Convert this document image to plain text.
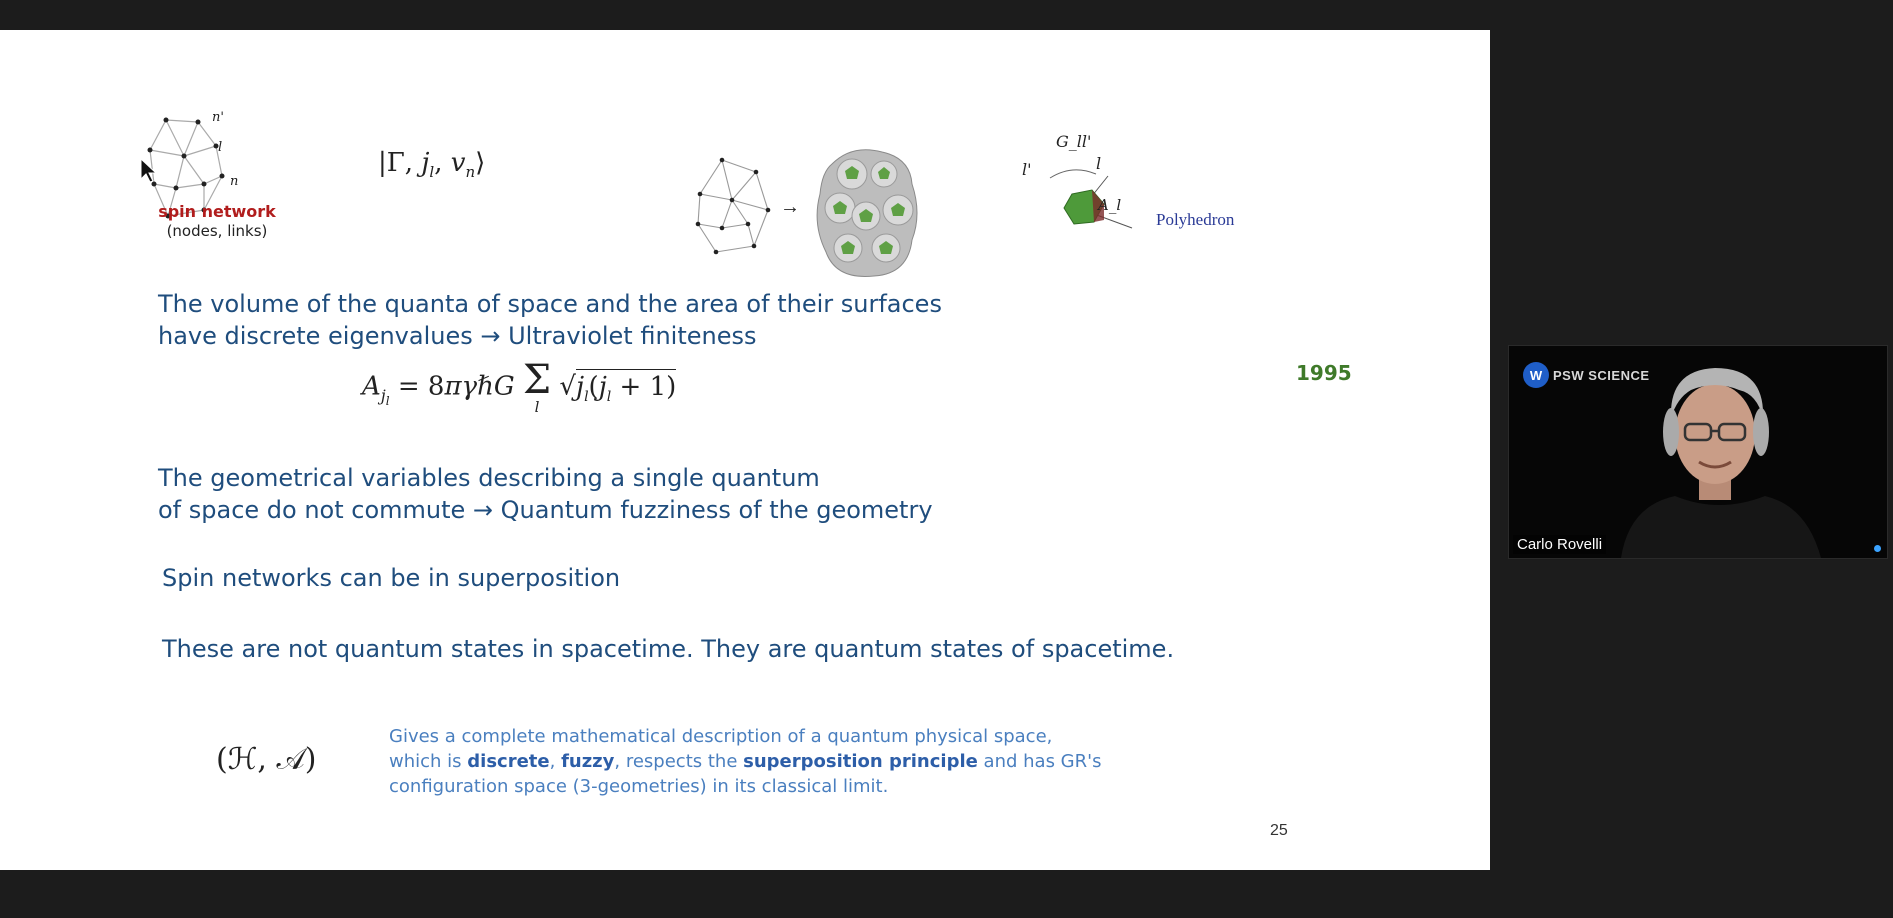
n'
l
n
spin network
(nodes, links)
|Γ, $j_l$, $v_n⟩$
→
G_ll'
l'	l
A_l
Polyhedron
The volume of the quanta of space and the area of their surfaces
have discrete eigenvalues → Ultraviolet finiteness
1995
$A_{j_l}$ = 8πγℏG Σ
l
$√j_l(j_l + 1)$
The geometrical variables describing a single quantum
of space do not commute → Quantum fuzziness of the geometry
Spin networks can be in superposition
These are not quantum states in spacetime. They are quantum states of spacetime.
(ℋ, 𝒜)
Gives a complete mathematical description of a quantum physical space,
which is discrete, fuzzy, respects the superposition principle and has GR's
configuration space (3-geometries) in its classical limit.
25
W PSW SCIENCE
Carlo Rovelli
